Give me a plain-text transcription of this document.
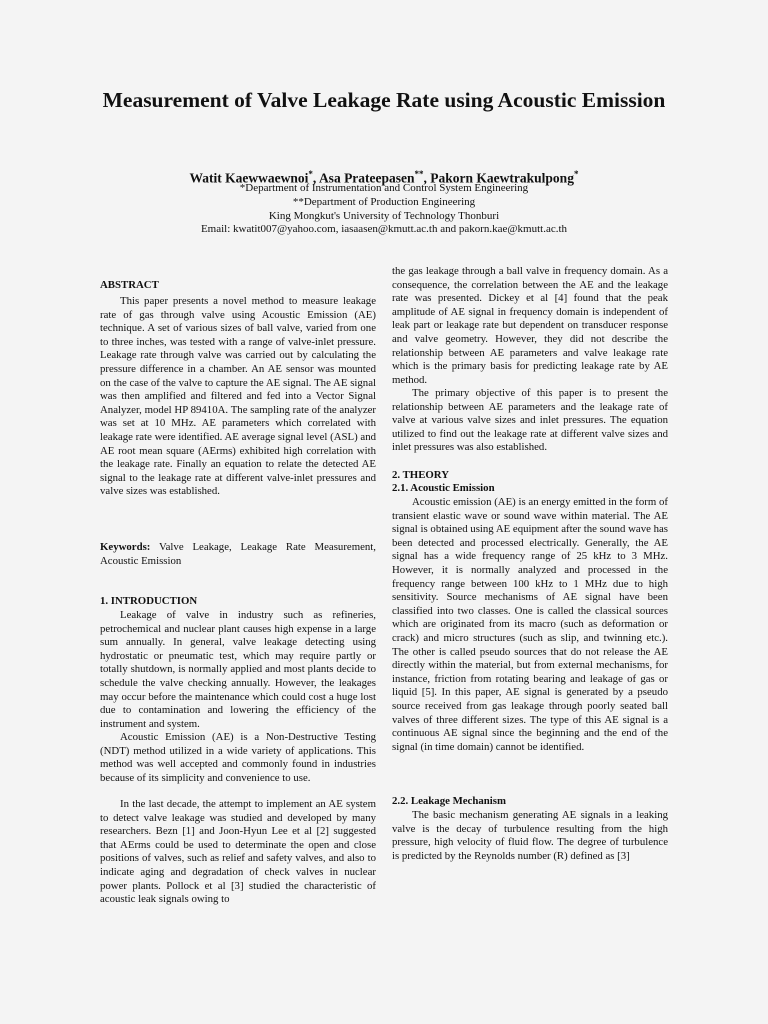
Measurement of Valve Leakage Rate using Acoustic Emission
Watit Kaewwaewnoi*, Asa Prateepasen**, Pakorn Kaewtrakulpong*
*Department of Instrumentation and Control System Engineering
**Department of Production Engineering
King Mongkut's University of Technology Thonburi
Email: kwatit007@yahoo.com, iasaasen@kmutt.ac.th and pakorn.kae@kmutt.ac.th
ABSTRACT

This paper presents a novel method to measure leakage rate of gas through valve using Acoustic Emission (AE) technique. A set of various sizes of ball valve, varied from one to three inches, was tested with a range of valve-inlet pressure. Leakage rate through valve was carried out by calculating the pressure difference in a chamber. An AE sensor was mounted on the case of the valve to capture the AE signal. The AE signal was then amplified and filtered and fed into a Vector Signal Analyzer, model HP 89410A. The sampling rate of the analyzer was set at 10 MHz. AE parameters which correlated with leakage rate were identified. AE average signal level (ASL) and AE root mean square (AErms) exhibited high correlation with the leakage rate. Finally an equation to relate the detected AE signal to the leakage rate at different valve-inlet pressures and valve sizes was established.

Keywords: Valve Leakage, Leakage Rate Measurement, Acoustic Emission

1. INTRODUCTION

Leakage of valve in industry such as refineries, petrochemical and nuclear plant causes high expense in a large sum annually. In general, valve leakage detecting using hydrostatic or pneumatic test, which may require partly or totally shutdown, is normally applied and most plants decide to schedule the valve checking annually. However, the leakages may occur before the maintenance which could cost a huge lost due to contamination and lowering the efficiency of the instrument and system.

Acoustic Emission (AE) is a Non-Destructive Testing (NDT) method utilized in a wide variety of applications. This method was well accepted and commonly found in industries because of its simplicity and convenience to use.

In the last decade, the attempt to implement an AE system to detect valve leakage was studied and developed by many researchers. Bezn [1] and Joon-Hyun Lee et al [2] suggested that AErms could be used to determinate the open and close positions of valves, such as relief and safety valves, and also to indicate aging and degradation of check valves in nuclear power plants. Pollock et al [3] studied the characteristic of acoustic leak signals owing to

the gas leakage through a ball valve in frequency domain. As a consequence, the correlation between the AE and the leakage rate was presented. Dickey et al [4] found that the peak amplitude of AE signal in frequency domain is independent of leak part or leakage rate but dependent on transducer response and valve geometry. However, they did not describe the relationship between AE parameters and valve leakage rate which is the primary basis for predicting leakage rate by AE method.

The primary objective of this paper is to present the relationship between AE parameters and the leakage rate of valve at various valve sizes and inlet pressures. The equation utilized to find out the leakage rate at different valve sizes and inlet pressures was also established.

2. THEORY
2.1. Acoustic Emission

Acoustic emission (AE) is an energy emitted in the form of transient elastic wave or sound wave within material. The AE signal is obtained using AE equipment after the sound wave has been detected and processed electrically. Generally, the AE signal has a wide frequency range of 25 kHz to 3 MHz. However, it is normally analyzed and processed in the frequency range between 100 kHz to 1 MHz due to high sensitivity. Source mechanisms of AE signal have been classified into two classes. One is called the classical sources which are originated from its macro (such as deformation or crack) and micro structures (such as slip, and twinning etc.). The other is called pseudo sources that do not release the AE directly within the material, but from external mechanisms, for instance, friction from rotating bearing and leakage of gas or liquid [5]. In this paper, AE signal is generated by a pseudo source received from gas leakage through poorly seated ball valves of three different sizes. The type of this AE signal is a continuous AE signal since the beginning and the end of the signal (in time domain) cannot be identified.

2.2. Leakage Mechanism

The basic mechanism generating AE signals in a leaking valve is the decay of turbulence resulting from the high pressure, high velocity of fluid flow. The degree of turbulence is predicted by the Reynolds number (R) defined as [3]
